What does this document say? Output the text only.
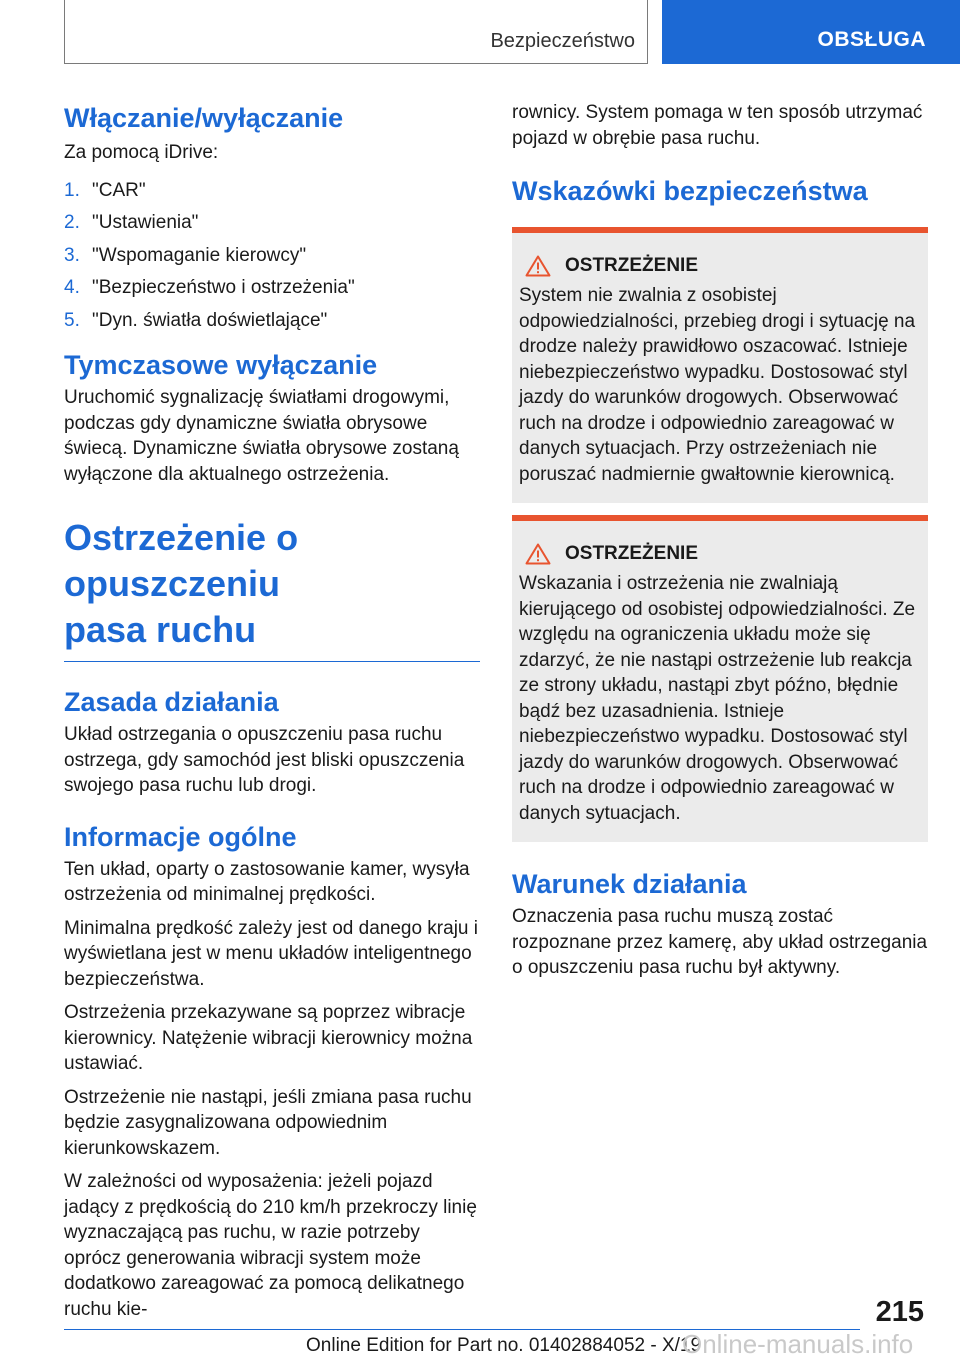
Bezpieczeństwo	OBSŁUGA
Włączanie/wyłączanie

Za pomocą iDrive:

1. "CAR"
2. "Ustawienia"
3. "Wspomaganie kierowcy"
4. "Bezpieczeństwo i ostrzeżenia"
5. "Dyn. światła doświetlające"
Tymczasowe wyłączanie

Uruchomić sygnalizację światłami drogowymi, podczas gdy dynamiczne światła obrysowe świecą. Dynamiczne światła obrysowe zostaną wyłączone dla aktualnego ostrzeżenia.

Ostrzeżenie o opuszczeniu
pasa ruchu
Zasada działania

Układ ostrzegania o opuszczeniu pasa ruchu ostrzega, gdy samochód jest bliski opuszczenia swojego pasa ruchu lub drogi.

Informacje ogólne

Ten układ, oparty o zastosowanie kamer, wysyła ostrzeżenia od minimalnej prędkości.

Minimalna prędkość zależy jest od danego kraju i wyświetlana jest w menu układów inteligentnego bezpieczeństwa.

Ostrzeżenia przekazywane są poprzez wibracje kierownicy. Natężenie wibracji kierownicy można ustawiać.

Ostrzeżenie nie nastąpi, jeśli zmiana pasa ruchu będzie zasygnalizowana odpowiednim kierunkowskazem.

W zależności od wyposażenia: jeżeli pojazd jadący z prędkością do 210 km/h przekroczy linię wyznaczającą pas ruchu, w razie potrzeby oprócz generowania wibracji system może dodatkowo zareagować za pomocą delikatnego ruchu kie-

rownicy. System pomaga w ten sposób utrzymać pojazd w obrębie pasa ruchu.

Wskazówki bezpieczeństwa
OSTRZEŻENIE

System nie zwalnia z osobistej odpowiedzialności, przebieg drogi i sytuację na drodze należy prawidłowo oszacować. Istnieje niebezpieczeństwo wypadku. Dostosować styl jazdy do warunków drogowych. Obserwować ruch na drodze i odpowiednio zareagować w danych sytuacjach. Przy ostrzeżeniach nie poruszać nadmiernie gwałtownie kierownicą.

OSTRZEŻENIE

Wskazania i ostrzeżenia nie zwalniają kierującego od osobistej odpowiedzialności. Ze względu na ograniczenia układu może się zdarzyć, że nie nastąpi ostrzeżenie lub reakcja ze strony układu, nastąpi zbyt późno, błędnie bądź bez uzasadnienia. Istnieje niebezpieczeństwo wypadku. Dostosować styl jazdy do warunków drogowych. Obserwować ruch na drodze i odpowiednio zareagować w danych sytuacjach.

Warunek działania

Oznaczenia pasa ruchu muszą zostać rozpoznane przez kamerę, aby układ ostrzegania o opuszczeniu pasa ruchu był aktywny.

215
Online Edition for Part no. 01402884052 - X/19
Online-manuals.info
